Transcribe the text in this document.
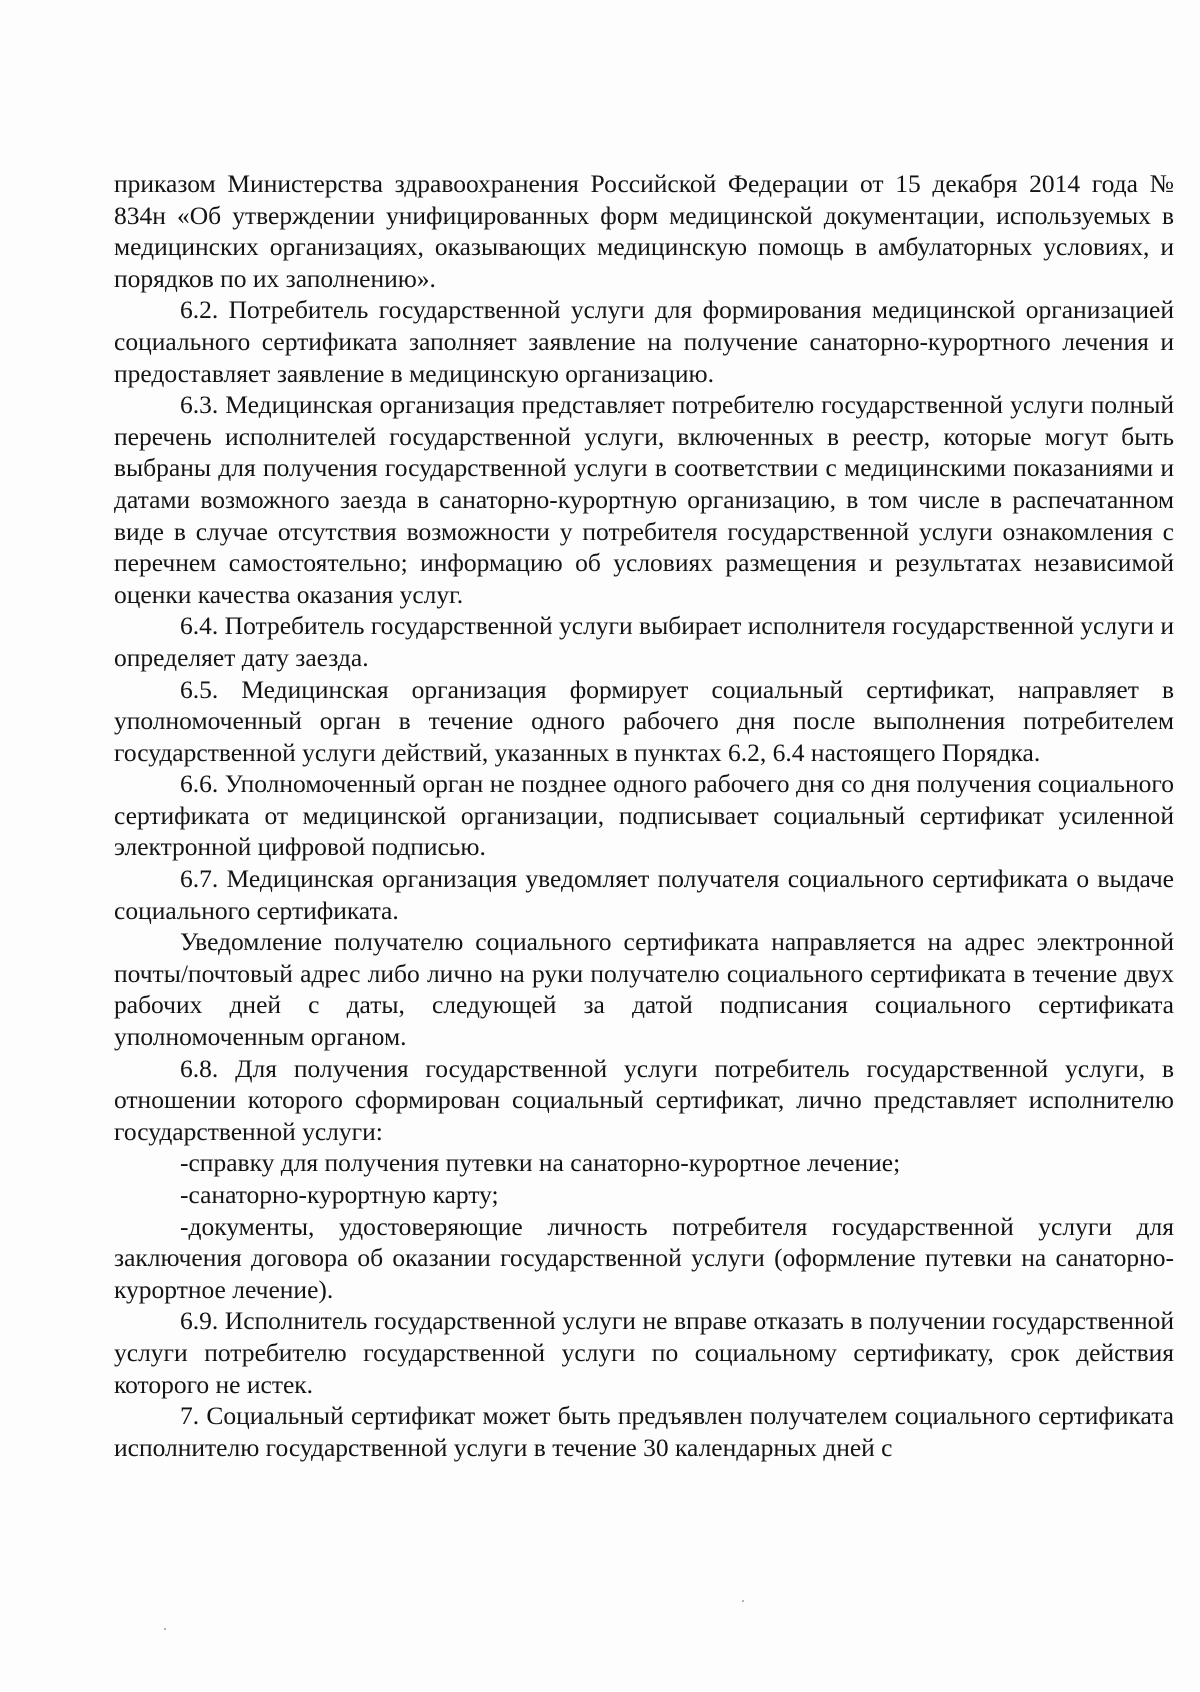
приказом Министерства здравоохранения Российской Федерации от 15 декабря 2014 года № 834н «Об утверждении унифицированных форм медицинской документации, используемых в медицинских организациях, оказывающих медицинскую помощь в амбулаторных условиях, и порядков по их заполнению».

6.2. Потребитель государственной услуги для формирования медицинской организацией социального сертификата заполняет заявление на получение санаторно-курортного лечения и предоставляет заявление в медицинскую организацию.

6.3. Медицинская организация представляет потребителю государственной услуги полный перечень исполнителей государственной услуги, включенных в реестр, которые могут быть выбраны для получения государственной услуги в соответствии с медицинскими показаниями и датами возможного заезда в санаторно-курортную организацию, в том числе в распечатанном виде в случае отсутствия возможности у потребителя государственной услуги ознакомления с перечнем самостоятельно; информацию об условиях размещения и результатах независимой оценки качества оказания услуг.

6.4. Потребитель государственной услуги выбирает исполнителя государственной услуги и определяет дату заезда.

6.5. Медицинская организация формирует социальный сертификат, направляет в уполномоченный орган в течение одного рабочего дня после выполнения потребителем государственной услуги действий, указанных в пунктах 6.2, 6.4 настоящего Порядка.

6.6. Уполномоченный орган не позднее одного рабочего дня со дня получения социального сертификата от медицинской организации, подписывает социальный сертификат усиленной электронной цифровой подписью.

6.7. Медицинская организация уведомляет получателя социального сертификата о выдаче социального сертификата.

Уведомление получателю социального сертификата направляется на адрес электронной почты/почтовый адрес либо лично на руки получателю социального сертификата в течение двух рабочих дней с даты, следующей за датой подписания социального сертификата уполномоченным органом.

6.8. Для получения государственной услуги потребитель государственной услуги, в отношении которого сформирован социальный сертификат, лично представляет исполнителю государственной услуги:

-справку для получения путевки на санаторно-курортное лечение;

-санаторно-курортную карту;

-документы, удостоверяющие личность потребителя государственной услуги для заключения договора об оказании государственной услуги (оформление путевки на санаторно-курортное лечение).

6.9. Исполнитель государственной услуги не вправе отказать в получении государственной услуги потребителю государственной услуги по социальному сертификату, срок действия которого не истек.

7. Социальный сертификат может быть предъявлен получателем социального сертификата исполнителю государственной услуги в течение 30 календарных дней с
